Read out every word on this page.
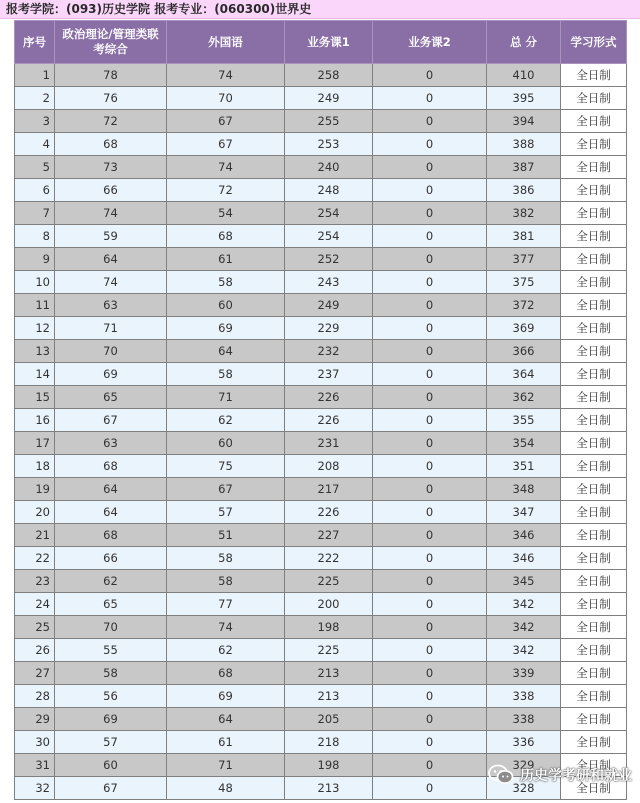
报考学院：(093)历史学院 报考专业：(060300)世界史
序号	政治理论/管理类联考综合	外国语	业务课1	业务课2	总 分	学习形式
1	78	74	258	0	410	全日制
2	76	70	249	0	395	全日制
3	72	67	255	0	394	全日制
4	68	67	253	0	388	全日制
5	73	74	240	0	387	全日制
6	66	72	248	0	386	全日制
7	74	54	254	0	382	全日制
8	59	68	254	0	381	全日制
9	64	61	252	0	377	全日制
10	74	58	243	0	375	全日制
11	63	60	249	0	372	全日制
12	71	69	229	0	369	全日制
13	70	64	232	0	366	全日制
14	69	58	237	0	364	全日制
15	65	71	226	0	362	全日制
16	67	62	226	0	355	全日制
17	63	60	231	0	354	全日制
18	68	75	208	0	351	全日制
19	64	67	217	0	348	全日制
20	64	57	226	0	347	全日制
21	68	51	227	0	346	全日制
22	66	58	222	0	346	全日制
23	62	58	225	0	345	全日制
24	65	77	200	0	342	全日制
25	70	74	198	0	342	全日制
26	55	62	225	0	342	全日制
27	58	68	213	0	339	全日制
28	56	69	213	0	338	全日制
29	69	64	205	0	338	全日制
30	57	61	218	0	336	全日制
31	60	71	198	0	329	全日制
32	67	48	213	0	328	全日制
历史学考研和就业
